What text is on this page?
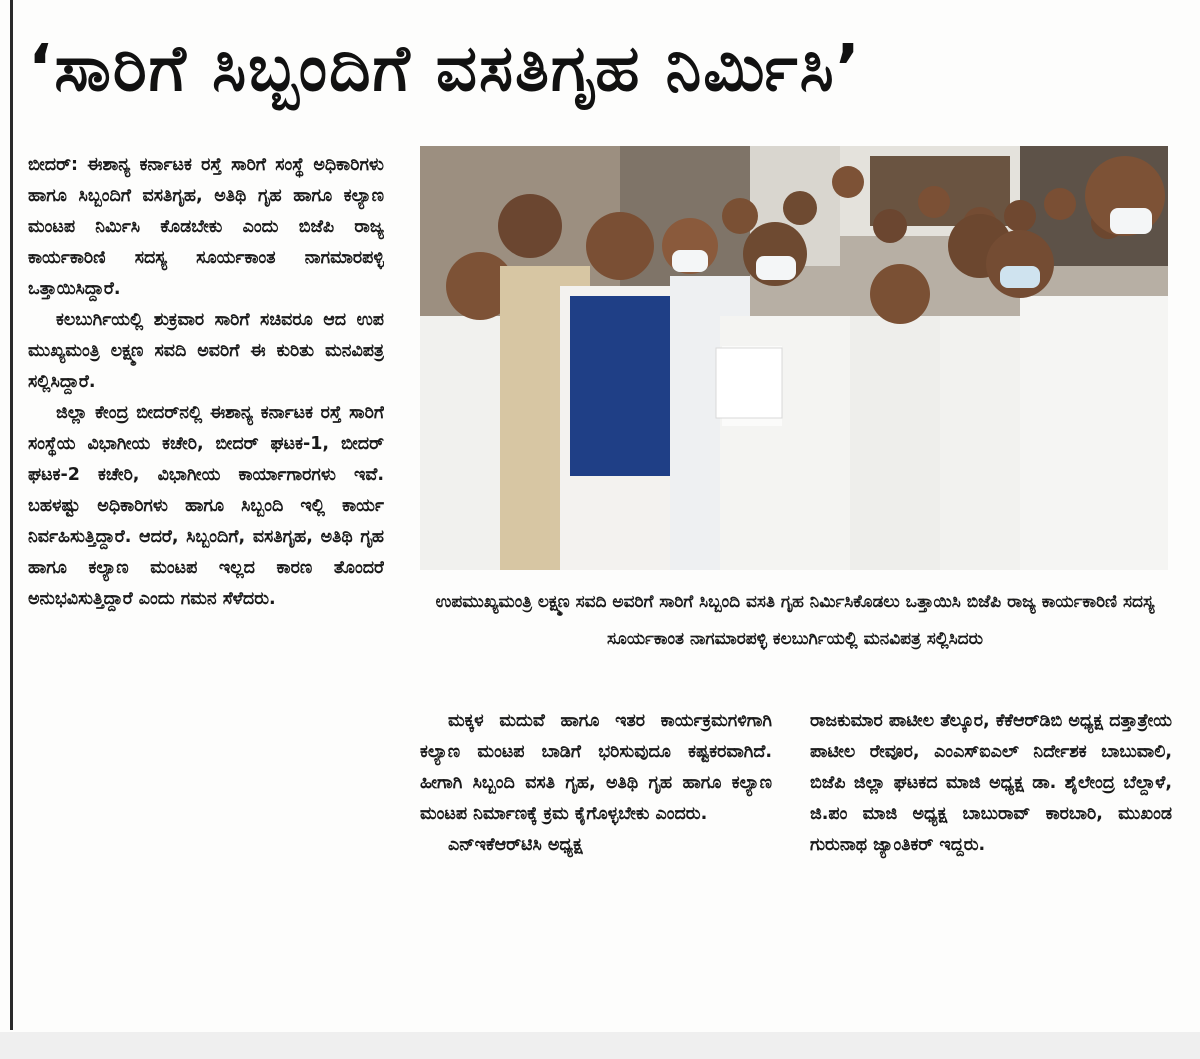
‘ಸಾರಿಗೆ ಸಿಬ್ಬಂದಿಗೆ ವಸತಿಗೃಹ ನಿರ್ಮಿಸಿ’

ಬೀದರ್: ಈಶಾನ್ಯ ಕರ್ನಾಟಕ ರಸ್ತೆ ಸಾರಿಗೆ ಸಂಸ್ಥೆ ಅಧಿಕಾರಿಗಳು ಹಾಗೂ ಸಿಬ್ಬಂದಿಗೆ ವಸತಿಗೃಹ, ಅತಿಥಿ ಗೃಹ ಹಾಗೂ ಕಲ್ಯಾಣ ಮಂಟಪ ನಿರ್ಮಿಸಿ ಕೊಡಬೇಕು ಎಂದು ಬಿಜೆಪಿ ರಾಜ್ಯ ಕಾರ್ಯಕಾರಿಣಿ ಸದಸ್ಯ ಸೂರ್ಯಕಾಂತ ನಾಗಮಾರಪಳ್ಳಿ ಒತ್ತಾಯಿಸಿದ್ದಾರೆ.

ಕಲಬುರ್ಗಿಯಲ್ಲಿ ಶುಕ್ರವಾರ ಸಾರಿಗೆ ಸಚಿವರೂ ಆದ ಉಪ ಮುಖ್ಯಮಂತ್ರಿ ಲಕ್ಷ್ಮಣ ಸವದಿ ಅವರಿಗೆ ಈ ಕುರಿತು ಮನವಿಪತ್ರ ಸಲ್ಲಿಸಿದ್ದಾರೆ.

ಜಿಲ್ಲಾ ಕೇಂದ್ರ ಬೀದರ್‌ನಲ್ಲಿ ಈಶಾನ್ಯ ಕರ್ನಾಟಕ ರಸ್ತೆ ಸಾರಿಗೆ ಸಂಸ್ಥೆಯ ವಿಭಾಗೀಯ ಕಚೇರಿ, ಬೀದರ್ ಘಟಕ-1, ಬೀದರ್ ಘಟಕ-2 ಕಚೇರಿ, ವಿಭಾಗೀಯ ಕಾರ್ಯಾಗಾರಗಳು ಇವೆ. ಬಹಳಷ್ಟು ಅಧಿಕಾರಿಗಳು ಹಾಗೂ ಸಿಬ್ಬಂದಿ ಇಲ್ಲಿ ಕಾರ್ಯ ನಿರ್ವಹಿಸುತ್ತಿದ್ದಾರೆ. ಆದರೆ, ಸಿಬ್ಬಂದಿಗೆ, ವಸತಿಗೃಹ, ಅತಿಥಿ ಗೃಹ ಹಾಗೂ ಕಲ್ಯಾಣ ಮಂಟಪ ಇಲ್ಲದ ಕಾರಣ ತೊಂದರೆ ಅನುಭವಿಸುತ್ತಿದ್ದಾರೆ ಎಂದು ಗಮನ ಸೆಳೆದರು.	ಉಪಮುಖ್ಯಮಂತ್ರಿ ಲಕ್ಷ್ಮಣ ಸವದಿ ಅವರಿಗೆ ಸಾರಿಗೆ ಸಿಬ್ಬಂದಿ ವಸತಿ ಗೃಹ ನಿರ್ಮಿಸಿಕೊಡಲು ಒತ್ತಾಯಿಸಿ ಬಿಜೆಪಿ ರಾಜ್ಯ ಕಾರ್ಯಕಾರಿಣಿ ಸದಸ್ಯ ಸೂರ್ಯಕಾಂತ ನಾಗಮಾರಪಳ್ಳಿ ಕಲಬುರ್ಗಿಯಲ್ಲಿ ಮನವಿಪತ್ರ ಸಲ್ಲಿಸಿದರು

ಮಕ್ಕಳ ಮದುವೆ ಹಾಗೂ ಇತರ ಕಾರ್ಯಕ್ರಮಗಳಿಗಾಗಿ ಕಲ್ಯಾಣ ಮಂಟಪ ಬಾಡಿಗೆ ಭರಿಸುವುದೂ ಕಷ್ಟಕರವಾಗಿದೆ. ಹೀಗಾಗಿ ಸಿಬ್ಬಂದಿ ವಸತಿ ಗೃಹ, ಅತಿಥಿ ಗೃಹ ಹಾಗೂ ಕಲ್ಯಾಣ ಮಂಟಪ ನಿರ್ಮಾಣಕ್ಕೆ ಕ್ರಮ ಕೈಗೊಳ್ಳಬೇಕು ಎಂದರು.

ಎನ್‌ಇಕೆಆರ್‌ಟಿಸಿ ಅಧ್ಯಕ್ಷ

ರಾಜಕುಮಾರ ಪಾಟೀಲ ತೆಲ್ಕೂರ, ಕೆಕೆಆರ್‌ಡಿಬಿ ಅಧ್ಯಕ್ಷ ದತ್ತಾತ್ರೇಯ ಪಾಟೀಲ ರೇವೂರ, ಎಂಎಸ್‌ಐಎಲ್ ನಿರ್ದೇಶಕ ಬಾಬುವಾಲಿ, ಬಿಜೆಪಿ ಜಿಲ್ಲಾ ಘಟಕದ ಮಾಜಿ ಅಧ್ಯಕ್ಷ ಡಾ. ಶೈಲೇಂದ್ರ ಬೆಲ್ದಾಳೆ, ಜಿ.ಪಂ ಮಾಜಿ ಅಧ್ಯಕ್ಷ ಬಾಬುರಾವ್ ಕಾರಬಾರಿ, ಮುಖಂಡ ಗುರುನಾಥ ಜ್ಯಾಂತಿಕರ್ ಇದ್ದರು.
